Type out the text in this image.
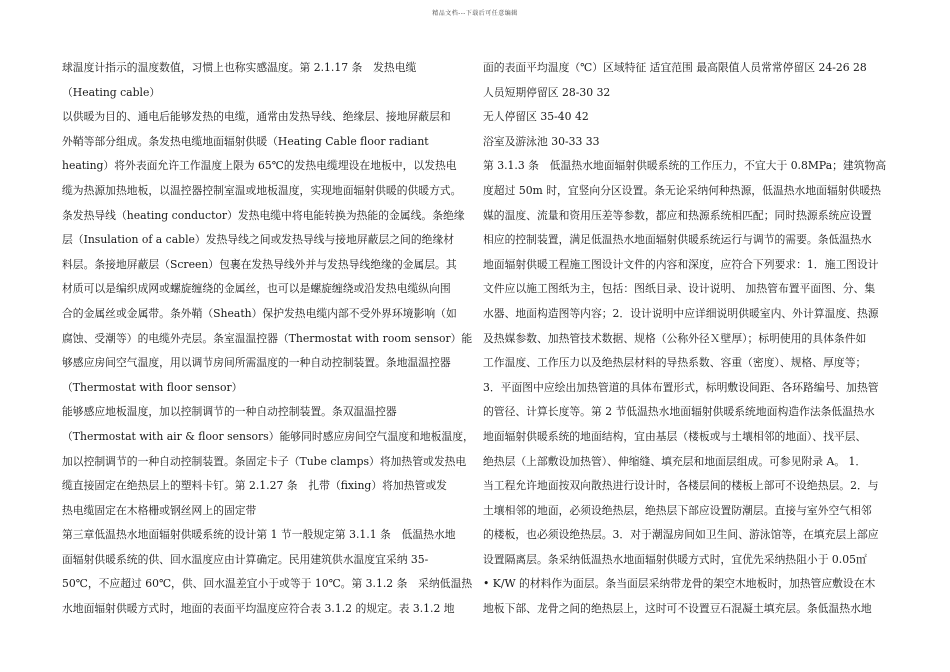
精品文档---下载后可任意编辑
球温度计指示的温度数值，习惯上也称实感温度。第 2.1.17 条　发热电缆
（Heating cable）
以供暖为目的、通电后能够发热的电缆，通常由发热导线、绝缘层、接地屏蔽层和
外鞘等部分组成。条发热电缆地面辐射供暖（Heating Cable floor radiant
heating）将外表面允许工作温度上限为 65℃的发热电缆埋设在地板中，以发热电
缆为热源加热地板，以温控器控制室温或地板温度，实现地面辐射供暖的供暖方式。
条发热导线（heating conductor）发热电缆中将电能转换为热能的金属线。条绝缘
层（Insulation of a cable）发热导线之间或发热导线与接地屏蔽层之间的绝缘材
料层。条接地屏蔽层（Screen）包裹在发热导线外并与发热导线绝缘的金属层。其
材质可以是编织成网或螺旋缠绕的金属丝，也可以是螺旋缠绕或沿发热电缆纵向围
合的金属丝或金属带。条外鞘（Sheath）保护发热电缆内部不受外界环境影响（如
腐蚀、受潮等）的电缆外壳层。条室温温控器（Thermostat with room sensor）能
够感应房间空气温度，用以调节房间所需温度的一种自动控制装置。条地温温控器
（Thermostat with floor sensor）
能够感应地板温度，加以控制调节的一种自动控制装置。条双温温控器
（Thermostat with air & floor sensors）能够同时感应房间空气温度和地板温度，
加以控制调节的一种自动控制装置。条固定卡子（Tube clamps）将加热管或发热电
缆直接固定在绝热层上的塑料卡钉。第 2.1.27 条　扎带（fixing）将加热管或发
热电缆固定在木格栅或钢丝网上的固定带
第三章低温热水地面辐射供暖系统的设计第 1 节一般规定第 3.1.1 条　低温热水地
面辐射供暖系统的供、回水温度应由计算确定。民用建筑供水温度宜采纳 35-
50℃，不应超过 60℃，供、回水温差宜小于或等于 10℃。第 3.1.2 条　采纳低温热
水地面辐射供暖方式时，地面的表面平均温度应符合表 3.1.2 的规定。表 3.1.2 地
面的表面平均温度（℃）区域特征 适宜范围 最高限值人员常常停留区 24-26 28
人员短期停留区 28-30 32
无人停留区 35-40 42
浴室及游泳池 30-33 33
第 3.1.3 条　低温热水地面辐射供暖系统的工作压力，不宜大于 0.8MPa；建筑物高
度超过 50m 时，宜竖向分区设置。条无论采纳何种热源，低温热水地面辐射供暖热
媒的温度、流量和资用压差等参数，都应和热源系统相匹配；同时热源系统应设置
相应的控制装置，满足低温热水地面辐射供暖系统运行与调节的需要。条低温热水
地面辐射供暖工程施工图设计文件的内容和深度，应符合下列要求：1．施工图设计
文件应以施工图纸为主，包括：图纸目录、设计说明、 加热管布置平面图、分、集
水器、地面构造图等内容；2．设计说明中应详细说明供暖室内、外计算温度、热源
及热媒参数、加热管技术数据、规格（公称外径Ｘ壁厚）；标明使用的具体条件如
工作温度、工作压力以及绝热层材料的导热系数、容重（密度）、规格、厚度等；
3．平面图中应绘出加热管道的具体布置形式，标明敷设间距、各环路编号、加热管
的管径、计算长度等。第 2 节低温热水地面辐射供暖系统地面构造作法条低温热水
地面辐射供暖系统的地面结构，宜由基层（楼板或与土壤相邻的地面）、找平层、
绝热层（上部敷设加热管）、伸缩缝、填充层和地面层组成。可参见附录 A。 1．
当工程允许地面按双向散热进行设计时，各楼层间的楼板上部可不设绝热层。2．与
土壤相邻的地面，必须设绝热层，绝热层下部应设置防潮层。直接与室外空气相邻
的楼板，也必须设绝热层。3．对于潮湿房间如卫生间、游泳馆等，在填充层上部应
设置隔离层。条采纳低温热水地面辐射供暖方式时，宜优先采纳热阻小于 0.05㎡
• K/W 的材料作为面层。条当面层采纳带龙骨的架空木地板时，加热管应敷设在木
地板下部、龙骨之间的绝热层上，这时可不设置豆石混凝土填充层。条低温热水地
